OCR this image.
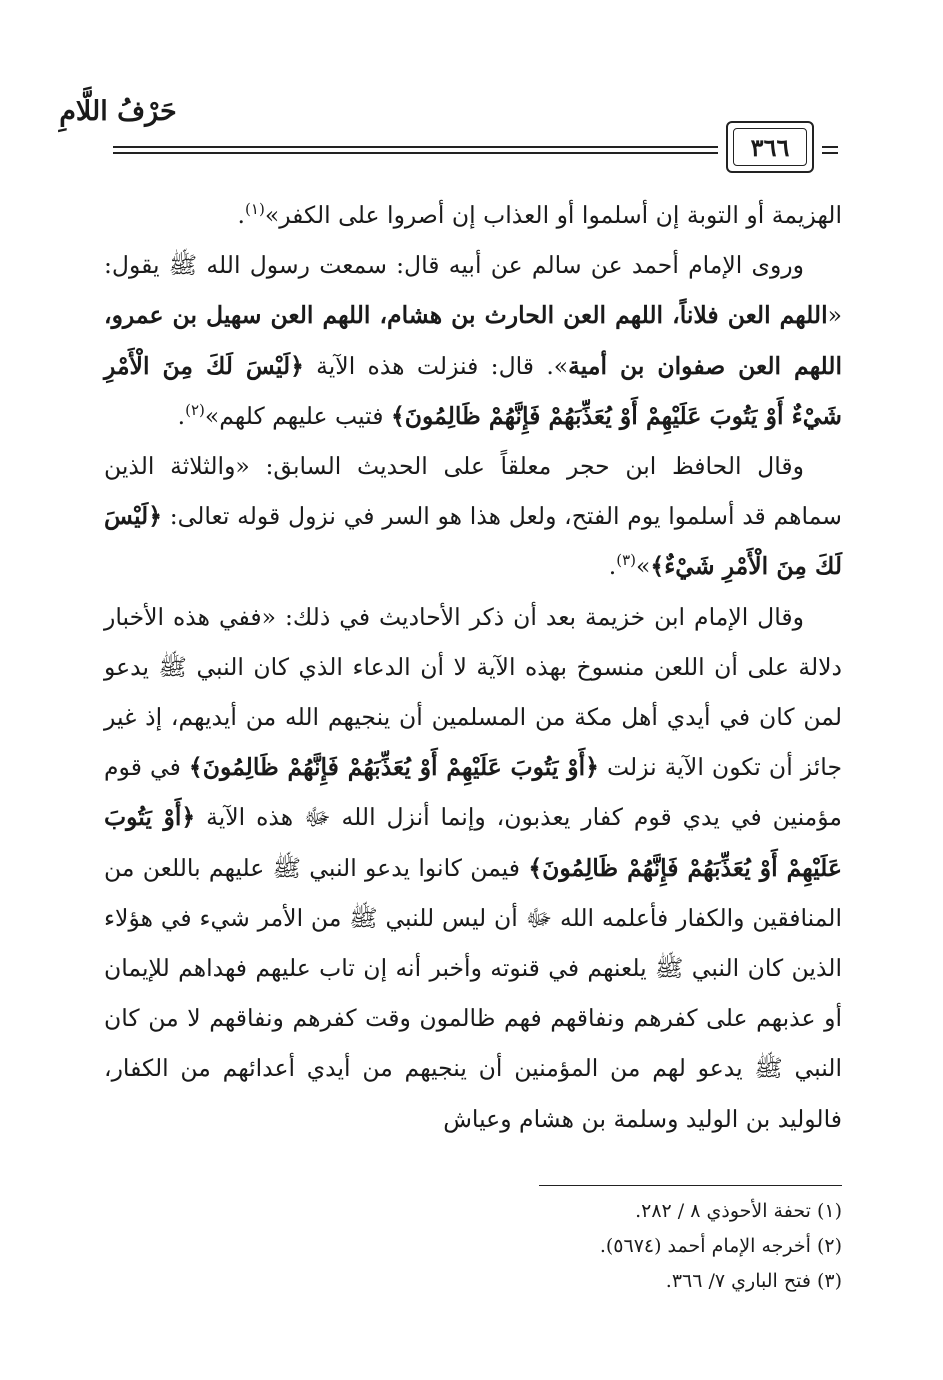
حَرْفُ اللَّامِ
٣٦٦

الهزيمة أو التوبة إن أسلموا أو العذاب إن أصروا على الكفر»$^{(١)}$.

وروى الإمام أحمد عن سالم عن أبيه قال: سمعت رسول الله ﷺ يقول: «اللهم العن فلاناً، اللهم العن الحارث بن هشام، اللهم العن سهيل بن عمرو، اللهم العن صفوان بن أمية». قال: فنزلت هذه الآية ﴿لَيْسَ لَكَ مِنَ الْأَمْرِ شَيْءٌ أَوْ يَتُوبَ عَلَيْهِمْ أَوْ يُعَذِّبَهُمْ فَإِنَّهُمْ ظَالِمُونَ﴾ فتيب عليهم كلهم»$^{(٢)}$.

وقال الحافظ ابن حجر معلقاً على الحديث السابق: «والثلاثة الذين سماهم قد أسلموا يوم الفتح، ولعل هذا هو السر في نزول قوله تعالى: ﴿لَيْسَ لَكَ مِنَ الْأَمْرِ شَيْءٌ﴾»$^{(٣)}$.

وقال الإمام ابن خزيمة بعد أن ذكر الأحاديث في ذلك: «ففي هذه الأخبار دلالة على أن اللعن منسوخ بهذه الآية لا أن الدعاء الذي كان النبي ﷺ يدعو لمن كان في أيدي أهل مكة من المسلمين أن ينجيهم الله من أيديهم، إذ غير جائز أن تكون الآية نزلت ﴿أَوْ يَتُوبَ عَلَيْهِمْ أَوْ يُعَذِّبَهُمْ فَإِنَّهُمْ ظَالِمُونَ﴾ في قوم مؤمنين في يدي قوم كفار يعذبون، وإنما أنزل الله ﷻ هذه الآية ﴿أَوْ يَتُوبَ عَلَيْهِمْ أَوْ يُعَذِّبَهُمْ فَإِنَّهُمْ ظَالِمُونَ﴾ فيمن كانوا يدعو النبي ﷺ عليهم باللعن من المنافقين والكفار فأعلمه الله ﷻ أن ليس للنبي ﷺ من الأمر شيء في هؤلاء الذين كان النبي ﷺ يلعنهم في قنوته وأخبر أنه إن تاب عليهم فهداهم للإيمان أو عذبهم على كفرهم ونفاقهم فهم ظالمون وقت كفرهم ونفاقهم لا من كان النبي ﷺ يدعو لهم من المؤمنين أن ينجيهم من أيدي أعدائهم من الكفار، فالوليد بن الوليد وسلمة بن هشام وعياش

(١) تحفة الأحوذي ٨ / ٢٨٢.

(٢) أخرجه الإمام أحمد (٥٦٧٤).

(٣) فتح الباري ٧/ ٣٦٦.
